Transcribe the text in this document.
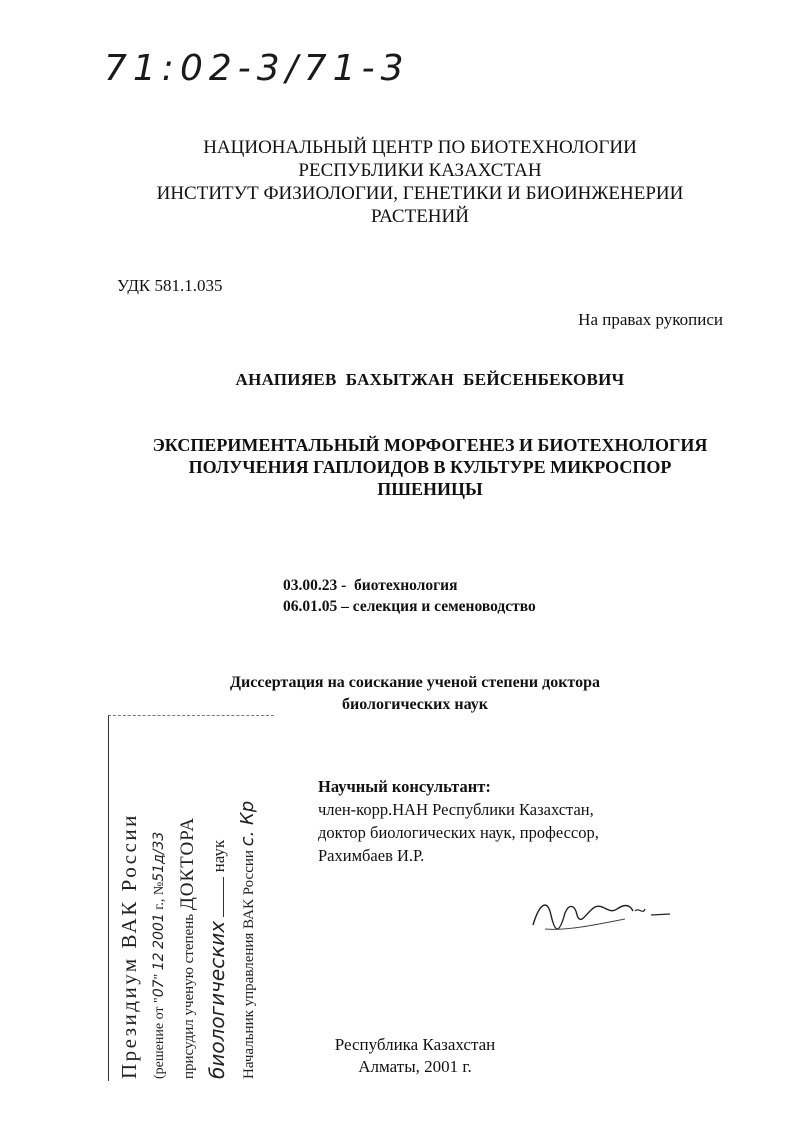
71:02-3/71-3
НАЦИОНАЛЬНЫЙ ЦЕНТР ПО БИОТЕХНОЛОГИИ
РЕСПУБЛИКИ КАЗАХСТАН
ИНСТИТУТ ФИЗИОЛОГИИ, ГЕНЕТИКИ И БИОИНЖЕНЕРИИ
РАСТЕНИЙ
УДК 581.1.035
На правах рукописи
АНАПИЯЕВ  БАХЫТЖАН  БЕЙСЕНБЕКОВИЧ
ЭКСПЕРИМЕНТАЛЬНЫЙ МОРФОГЕНЕЗ И БИОТЕХНОЛОГИЯ
ПОЛУЧЕНИЯ ГАПЛОИДОВ В КУЛЬТУРЕ МИКРОСПОР
ПШЕНИЦЫ
03.00.23 -  биотехнология
06.01.05 – селекция и семеноводство
Диссертация на соискание ученой степени доктора
биологических наук
Научный консультант:
член-корр.НАН Республики Казахстан,
доктор биологических наук, профессор,
Рахимбаев И.Р.
Президиум ВАК России (решение от "07" 12 2001 г., №51д/33
присудил ученую степень ДОКТОРА
биологических  наук Начальник управления ВАК России с. Кр
Республика Казахстан
Алматы, 2001 г.
